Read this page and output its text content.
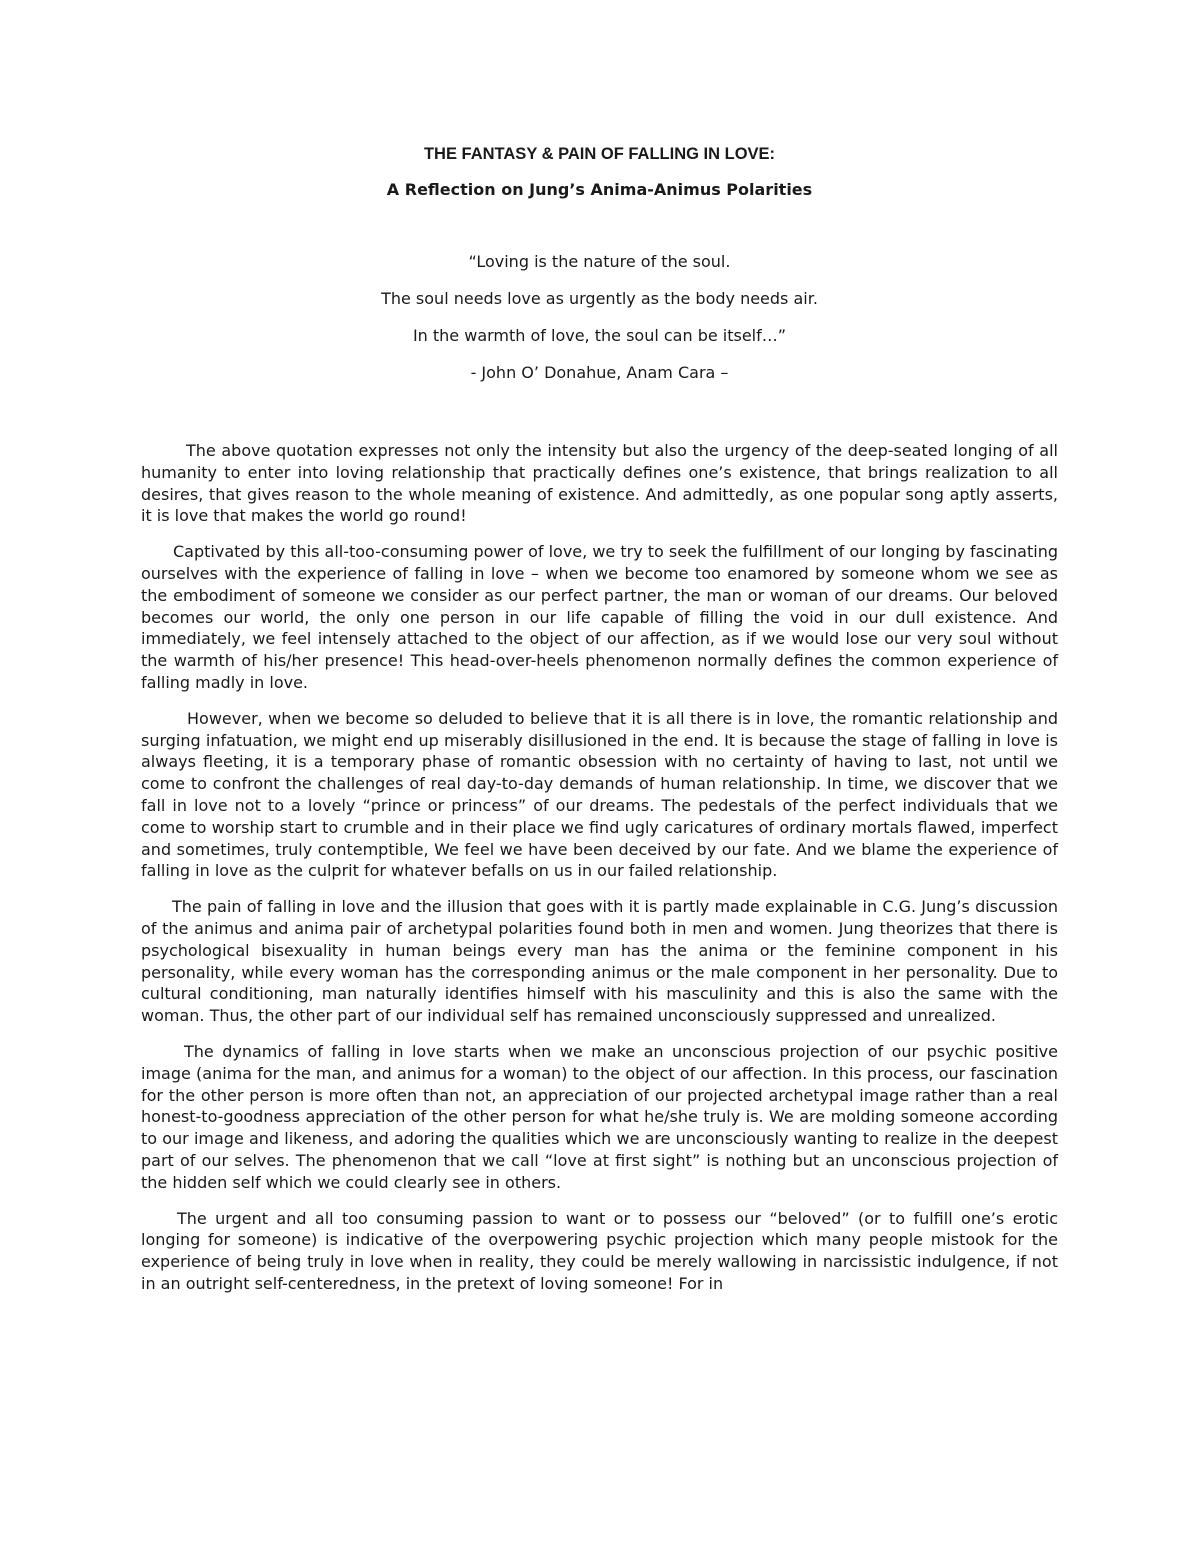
THE FANTASY & PAIN OF FALLING IN LOVE:
A Reflection on Jung’s Anima-Animus Polarities

“Loving is the nature of the soul.

The soul needs love as urgently as the body needs air.

In the warmth of love, the soul can be itself…”

- John O’ Donahue, Anam Cara –

The above quotation expresses not only the intensity but also the urgency of the deep-seated longing of all humanity to enter into loving relationship that practically defines one’s existence, that brings realization to all desires, that gives reason to the whole meaning of existence. And admittedly, as one popular song aptly asserts, it is love that makes the world go round!

Captivated by this all-too-consuming power of love, we try to seek the fulfillment of our longing by fascinating ourselves with the experience of falling in love – when we become too enamored by someone whom we see as the embodiment of someone we consider as our perfect partner, the man or woman of our dreams. Our beloved becomes our world, the only one person in our life capable of filling the void in our dull existence. And immediately, we feel intensely attached to the object of our affection, as if we would lose our very soul without the warmth of his/her presence! This head-over-heels phenomenon normally defines the common experience of falling madly in love.

However, when we become so deluded to believe that it is all there is in love, the romantic relationship and surging infatuation, we might end up miserably disillusioned in the end. It is because the stage of falling in love is always fleeting, it is a temporary phase of romantic obsession with no certainty of having to last, not until we come to confront the challenges of real day-to-day demands of human relationship. In time, we discover that we fall in love not to a lovely “prince or princess” of our dreams. The pedestals of the perfect individuals that we come to worship start to crumble and in their place we find ugly caricatures of ordinary mortals flawed, imperfect and sometimes, truly contemptible, We feel we have been deceived by our fate. And we blame the experience of falling in love as the culprit for whatever befalls on us in our failed relationship.

The pain of falling in love and the illusion that goes with it is partly made explainable in C.G. Jung’s discussion of the animus and anima pair of archetypal polarities found both in men and women. Jung theorizes that there is psychological bisexuality in human beings every man has the anima or the feminine component in his personality, while every woman has the corresponding animus or the male component in her personality. Due to cultural conditioning, man naturally identifies himself with his masculinity and this is also the same with the woman. Thus, the other part of our individual self has remained unconsciously suppressed and unrealized.

The dynamics of falling in love starts when we make an unconscious projection of our psychic positive image (anima for the man, and animus for a woman) to the object of our affection. In this process, our fascination for the other person is more often than not, an appreciation of our projected archetypal image rather than a real honest-to-goodness appreciation of the other person for what he/she truly is. We are molding someone according to our image and likeness, and adoring the qualities which we are unconsciously wanting to realize in the deepest part of our selves. The phenomenon that we call “love at first sight” is nothing but an unconscious projection of the hidden self which we could clearly see in others.

The urgent and all too consuming passion to want or to possess our “beloved” (or to fulfill one’s erotic longing for someone) is indicative of the overpowering psychic projection which many people mistook for the experience of being truly in love when in reality, they could be merely wallowing in narcissistic indulgence, if not in an outright self-centeredness, in the pretext of loving someone! For in
